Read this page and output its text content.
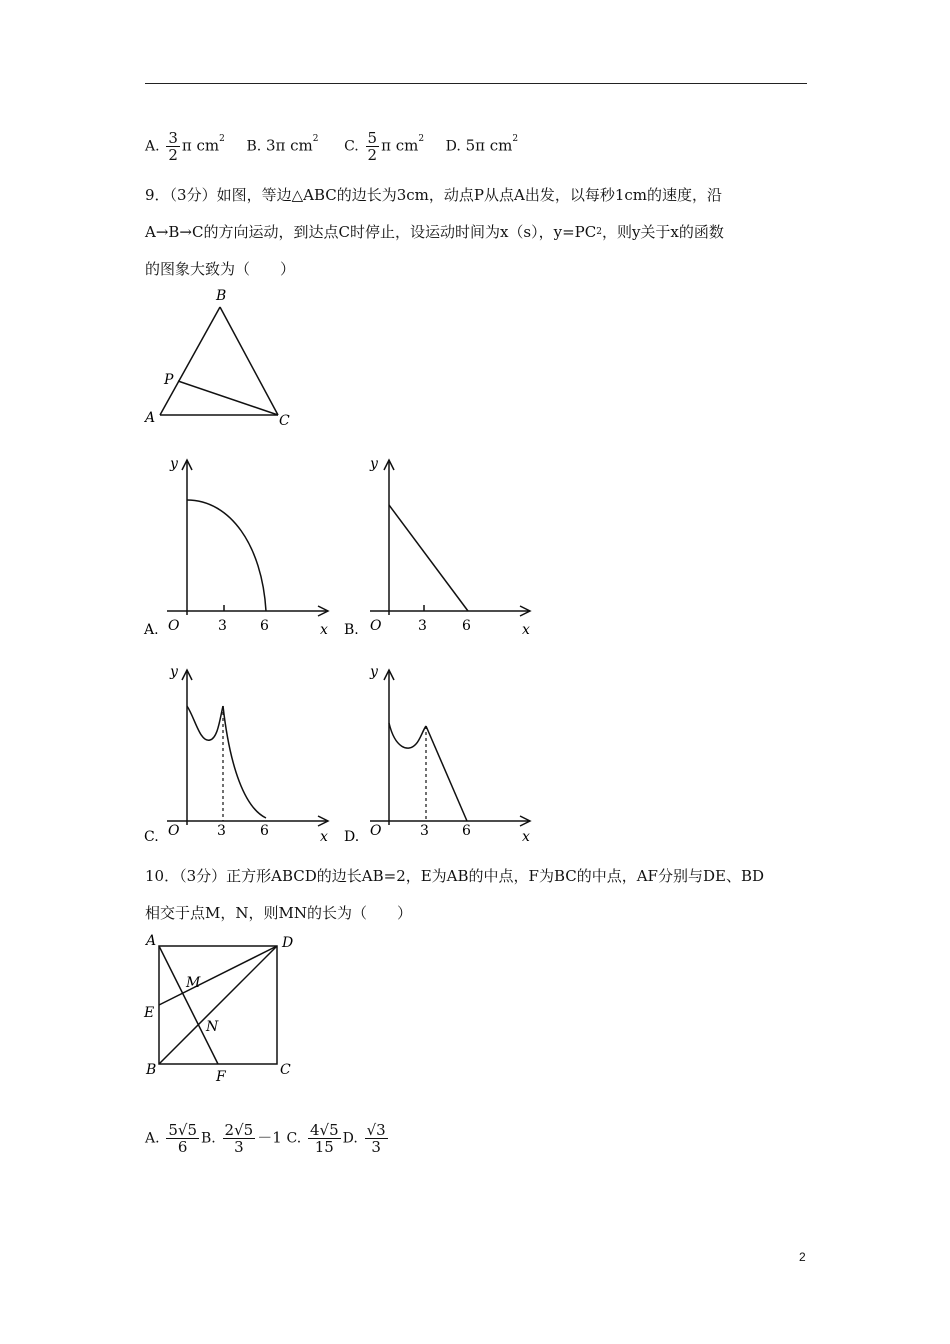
A. $\frac{3}{2}$ π $cm^2$ B. 3π $cm^2$ C. $\frac{5}{2}$ π $cm^2$ D. 5π $cm^2$
9．（3分）如图，等边△ABC的边长为3cm，动点P从点A出发，以每秒1cm的速度，沿
A→B→C的方向运动，到达点C时停止，设运动时间为x（s），$y=PC^2$，则y关于x的函数
的图象大致为（　　）
B
P
A	C
y
O	3 6	x
A.
y
O	3	6	x
B.
y
O	3 6	x
C.
y
O	3 6	x
D.
10．（3分）正方形ABCD的边长AB=2，E为AB的中点，F为BC的中点，AF分别与DE、BD
相交于点M，N，则MN的长为（　　）
A	D
E
M
N
B	F	C
A. $\frac{5√5}{6} B$. $\frac{2√5}{3} -1$ C. $\frac{4√5}{15} D$. $\frac{√3}{3}$
2
